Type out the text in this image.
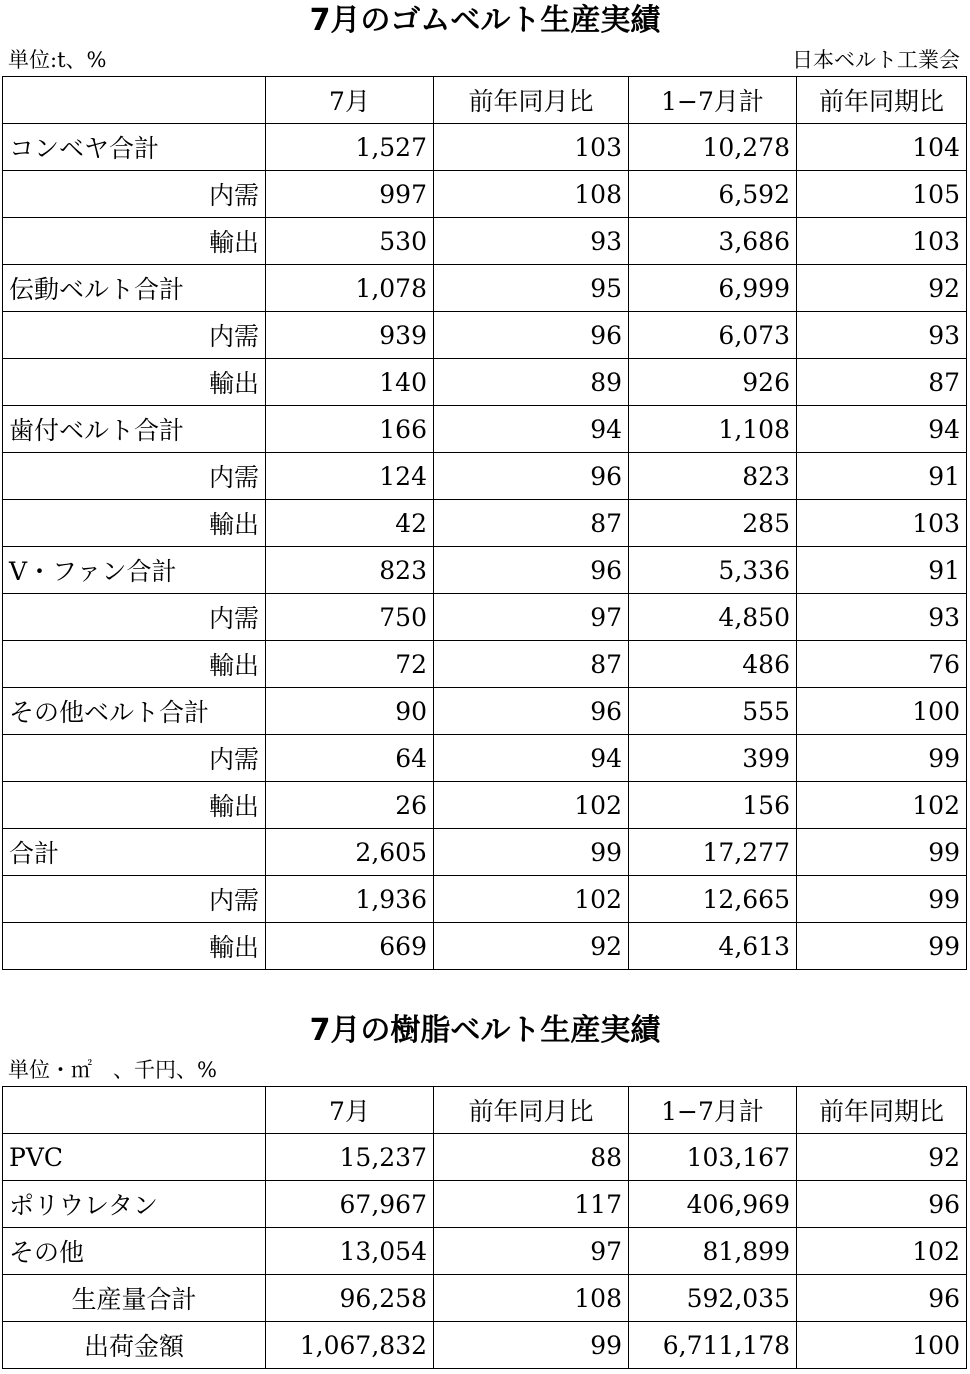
7月のゴムベルト生産実績
単位:t、%	日本ベルト工業会
	7月	前年同月比	1−7月計	前年同期比
コンベヤ合計	1,527	103	10,278	104
内需	997	108	6,592	105
輸出	530	93	3,686	103
伝動ベルト合計	1,078	95	6,999	92
内需	939	96	6,073	93
輸出	140	89	926	87
歯付ベルト合計	166	94	1,108	94
内需	124	96	823	91
輸出	42	87	285	103
V・ファン合計	823	96	5,336	91
内需	750	97	4,850	93
輸出	72	87	486	76
その他ベルト合計	90	96	555	100
内需	64	94	399	99
輸出	26	102	156	102
合計	2,605	99	17,277	99
内需	1,936	102	12,665	99
輸出	669	92	4,613	99
7月の樹脂ベルト生産実績
単位・㎡　、千円、%
	7月	前年同月比	1−7月計	前年同期比
PVC	15,237	88	103,167	92
ポリウレタン	67,967	117	406,969	96
その他	13,054	97	81,899	102
生産量合計	96,258	108	592,035	96
出荷金額	1,067,832	99	6,711,178	100
